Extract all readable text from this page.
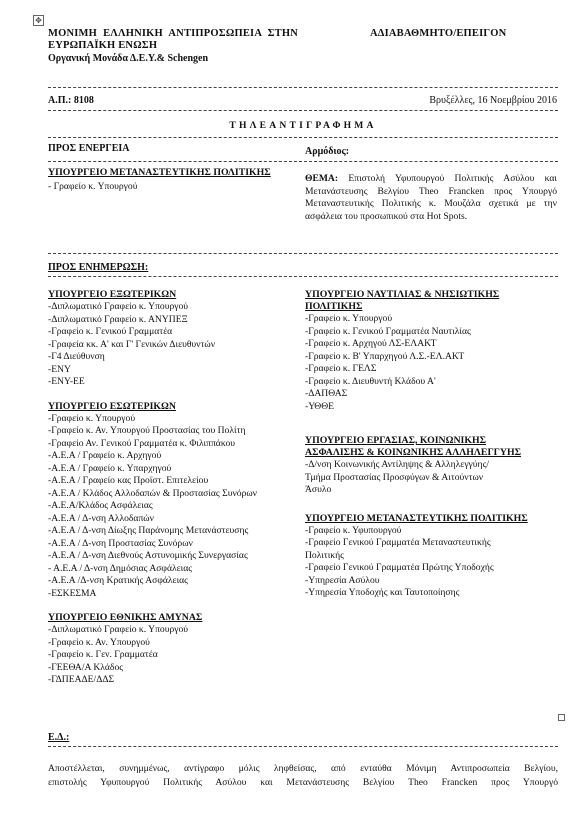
✥
ΜΟΝΙΜΗ ΕΛΛΗΝΙΚΗ ΑΝΤΙΠΡΟΣΩΠΕΙΑ ΣΤΗΝ
ΕΥΡΩΠΑΪΚΗ ΕΝΩΣΗ
ΑΔΙΑΒΑΘΜΗΤΟ/ΕΠΕΙΓΟΝ
Οργανική Μονάδα Δ.Ε.Υ.& Schengen
Α.Π.: 8108	Βρυξέλλες, 16 Νοεμβρίου 2016
ΤΗΛΕΑΝΤΙΓΡΑΦΗΜΑ
ΠΡΟΣ ΕΝΕΡΓΕΙΑ	Αρμόδιος:
ΥΠΟΥΡΓΕΙΟ ΜΕΤΑΝΑΣΤΕΥΤΙΚΗΣ ΠΟΛΙΤΙΚΗΣ
- Γραφείο κ. Υπουργού
ΘΕΜΑ: Επιστολή Υφυπουργού Πολιτικής Ασύλου και Μετανάστευσης Βελγίου Theo Francken προς Υπουργό Μεταναστευτικής Πολιτικής κ. Μουζάλα σχετικά με την ασφάλεια του προσωπικού στα Hot Spots.
ΠΡΟΣ ΕΝΗΜΕΡΩΣΗ:
ΥΠΟΥΡΓΕΙΟ ΕΞΩΤΕΡΙΚΩΝ
-Διπλωματικό Γραφείο κ. Υπουργού
-Διπλωματικό Γραφείο κ. ΑΝΥΠΕΞ
-Γραφείο κ. Γενικού Γραμματέα
-Γραφεία κκ. Α' και Γ' Γενικών Διευθυντών
-Γ4 Διεύθυνση
-ΕΝΥ
-ΕΝΥ-ΕΕ
ΥΠΟΥΡΓΕΙΟ ΕΣΩΤΕΡΙΚΩΝ
-Γραφείο κ. Υπουργού
-Γραφείο κ. Αν. Υπουργού Προστασίας του Πολίτη
-Γραφείο Αν. Γενικού Γραμματέα κ. Φιλιππάκου
-Α.Ε.Α / Γραφείο κ. Αρχηγού
-Α.Ε.Α / Γραφείο κ. Υπαρχηγού
-Α.Ε.Α / Γραφείο κας Προϊστ. Επιτελείου
-Α.Ε.Α / Κλάδος Αλλοδαπών & Προστασίας Συνόρων
-Α.Ε.Α/Κλάδος Ασφάλειας
-Α.Ε.Α / Δ-νση Αλλοδαπών
-Α.Ε.Α / Δ-νση Δίωξης Παράνομης Μετανάστευσης
-Α.Ε.Α / Δ-νση Προστασίας Συνόρων
-Α.Ε.Α / Δ-νση Διεθνούς Αστυνομικής Συνεργασίας
- Α.Ε.Α / Δ-νση Δημόσιας Ασφάλειας
-Α.Ε.Α /Δ-νση Κρατικής Ασφάλειας
-ΕΣΚΕΣΜΑ
ΥΠΟΥΡΓΕΙΟ ΕΘΝΙΚΗΣ ΑΜΥΝΑΣ
-Διπλωματικό Γραφείο κ. Υπουργού
-Γραφείο κ. Αν. Υπουργού
-Γραφείο κ. Γεν. Γραμματέα
-ΓΕΕΘΑ/Α Κλάδος
-ΓΔΠΕΑΔΕ/ΔΔΣ
ΥΠΟΥΡΓΕΙΟ ΝΑΥΤΙΛΙΑΣ & ΝΗΣΙΩΤΙΚΗΣ
ΠΟΛΙΤΙΚΗΣ
-Γραφείο κ. Υπουργού
-Γραφείο κ. Γενικού Γραμματέα Ναυτιλίας
-Γραφείο κ. Αρχηγού ΛΣ-ΕΛΑΚΤ
-Γραφείο κ. Β' Υπαρχηγού Λ.Σ.-ΕΛ.ΑΚΤ
-Γραφείο κ. ΓΕΛΣ
-Γραφείο κ. Διευθυντή Κλάδου Α'
-ΔΑΠΘΑΣ
-ΥΘΘΕ
ΥΠΟΥΡΓΕΙΟ ΕΡΓΑΣΙΑΣ, ΚΟΙΝΩΝΙΚΗΣ
ΑΣΦΑΛΙΣΗΣ & ΚΟΙΝΩΝΙΚΗΣ ΑΛΛΗΛΕΓΓΥΗΣ
-Δ/νση Κοινωνικής Αντίληψης & Αλληλεγγύης/
Τμήμα Προστασίας Προσφύγων & Αιτούντων
Άσυλο
ΥΠΟΥΡΓΕΙΟ ΜΕΤΑΝΑΣΤΕΥΤΙΚΗΣ ΠΟΛΙΤΙΚΗΣ
-Γραφείο κ. Υφυπουργού
-Γραφείο Γενικού Γραμματέα Μεταναστευτικής
Πολιτικής
-Γραφείο Γενικού Γραμματέα Πρώτης Υποδοχής
-Υπηρεσία Ασύλου
-Υπηρεσία Υποδοχής και Ταυτοποίησης
Ε.Δ.:
Αποστέλλεται, συνημμένως, αντίγραφο μόλις ληφθείσας, από ενταύθα Μόνιμη Αντιπροσωπεία Βελγίου,
επιστολής Υφυπουργού Πολιτικής Ασύλου και Μετανάστευσης Βελγίου Theo Francken προς Υπουργό
